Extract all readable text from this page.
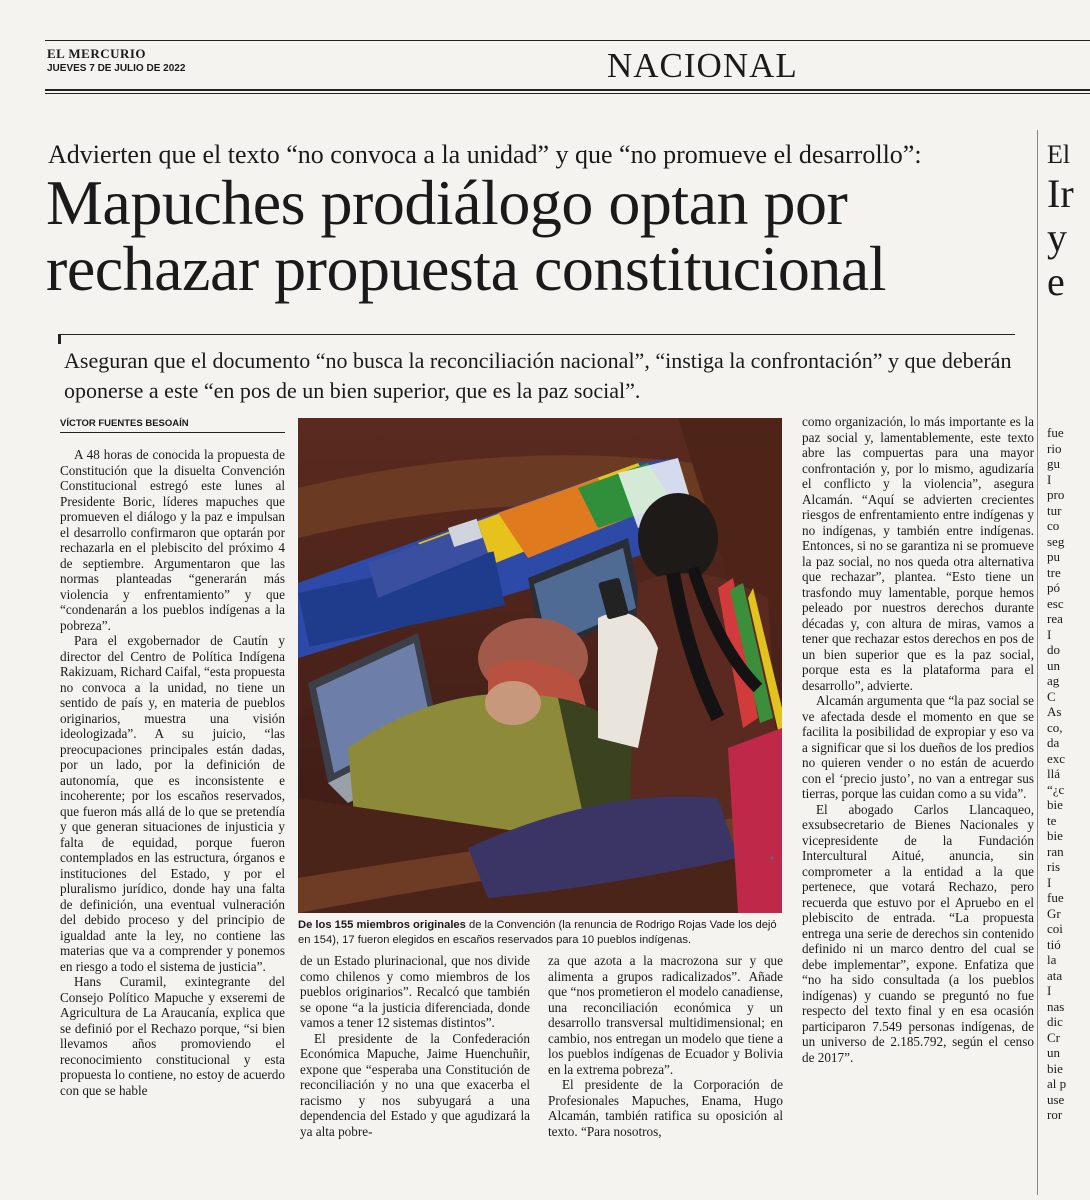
EL MERCURIO
JUEVES 7 DE JULIO DE 2022	NACIONAL
Advierten que el texto “no convoca a la unidad” y que “no promueve el desarrollo”:
Mapuches prodiálogo optan por
rechazar propuesta constitucional
Aseguran que el documento “no busca la reconciliación nacional”, “instiga la confrontación” y que deberán oponerse a este “en pos de un bien superior, que es la paz social”.
VÍCTOR FUENTES BESOAÍN

A 48 horas de conocida la propuesta de Constitución que la disuelta Convención Constitucional estregó este lunes al Presidente Boric, líderes mapuches que promueven el diálogo y la paz e impulsan el desarrollo confirmaron que optarán por rechazarla en el plebiscito del próximo 4 de septiembre. Argumentaron que las normas planteadas “generarán más violencia y enfrentamiento” y que “condenarán a los pueblos indígenas a la pobreza”.

Para el exgobernador de Cautín y director del Centro de Política Indígena Rakizuam, Richard Caifal, “esta propuesta no convoca a la unidad, no tiene un sentido de país y, en materia de pueblos originarios, muestra una visión ideologizada”. A su juicio, “las preocupaciones principales están dadas, por un lado, por la definición de autonomía, que es inconsistente e incoherente; por los escaños reservados, que fueron más allá de lo que se pretendía y que generan situaciones de injusticia y falta de equidad, porque fueron contemplados en las estructura, órganos e instituciones del Estado, y por el pluralismo jurídico, donde hay una falta de definición, una eventual vulneración del debido proceso y del principio de igualdad ante la ley, no contiene las materias que va a comprender y ponemos en riesgo a todo el sistema de justicia”.

Hans Curamil, exintegrante del Consejo Político Mapuche y exseremi de Agricultura de La Araucanía, explica que se definió por el Rechazo porque, “si bien llevamos años promoviendo el reconocimiento constitucional y esta propuesta lo contiene, no estoy de acuerdo con que se hable

■
De los 155 miembros originales de la Convención (la renuncia de Rodrigo Rojas Vade los dejó en 154), 17 fueron elegidos en escaños reservados para 10 pueblos indígenas.

de un Estado plurinacional, que nos divide como chilenos y como miembros de los pueblos originarios”. Recalcó que también se opone “a la justicia diferenciada, donde vamos a tener 12 sistemas distintos”.

El presidente de la Confederación Económica Mapuche, Jaime Huenchuñir, expone que “esperaba una Constitución de reconciliación y no una que exacerba el racismo y nos subyugará a una dependencia del Estado y que agudizará la ya alta pobre-

za que azota a la macrozona sur y que alimenta a grupos radicalizados”. Añade que “nos prometieron el modelo canadiense, una reconciliación económica y un desarrollo transversal multidimensional; en cambio, nos entregan un modelo que tiene a los pueblos indígenas de Ecuador y Bolivia en la extrema pobreza”.

El presidente de la Corporación de Profesionales Mapuches, Enama, Hugo Alcamán, también ratifica su oposición al texto. “Para nosotros,

como organización, lo más importante es la paz social y, lamentablemente, este texto abre las compuertas para una mayor confrontación y, por lo mismo, agudizaría el conflicto y la violencia”, asegura Alcamán. “Aquí se advierten crecientes riesgos de enfrentamiento entre indígenas y no indígenas, y también entre indígenas. Entonces, si no se garantiza ni se promueve la paz social, no nos queda otra alternativa que rechazar”, plantea. “Esto tiene un trasfondo muy lamentable, porque hemos peleado por nuestros derechos durante décadas y, con altura de miras, vamos a tener que rechazar estos derechos en pos de un bien superior que es la paz social, porque esta es la plataforma para el desarrollo”, advierte.

Alcamán argumenta que “la paz social se ve afectada desde el momento en que se facilita la posibilidad de expropiar y eso va a significar que si los dueños de los predios no quieren vender o no están de acuerdo con el ‘precio justo’, no van a entregar sus tierras, porque las cuidan como a su vida”.

El abogado Carlos Llancaqueo, exsubsecretario de Bienes Nacionales y vicepresidente de la Fundación Intercultural Aitué, anuncia, sin comprometer a la entidad a la que pertenece, que votará Rechazo, pero recuerda que estuvo por el Apruebo en el plebiscito de entrada. “La propuesta entrega una serie de derechos sin contenido definido ni un marco dentro del cual se debe implementar”, expone. Enfatiza que “no ha sido consultada (a los pueblos indígenas) y cuando se preguntó no fue respecto del texto final y en esa ocasión participaron 7.549 personas indígenas, de un universo de 2.185.792, según el censo de 2017”.

El
Ir
y
e
fue
rio
gu
I
pro
tur
co
seg
pu
tre
pó
esc
rea
I
do
un
ag
C
As
co,
da
exc
llá
“¿c
bie
te
bie
ran
ris
I
fue
Gr
coi
tió
la
ata
I
nas
dic
Cr
un
bie
al p
use
ror
